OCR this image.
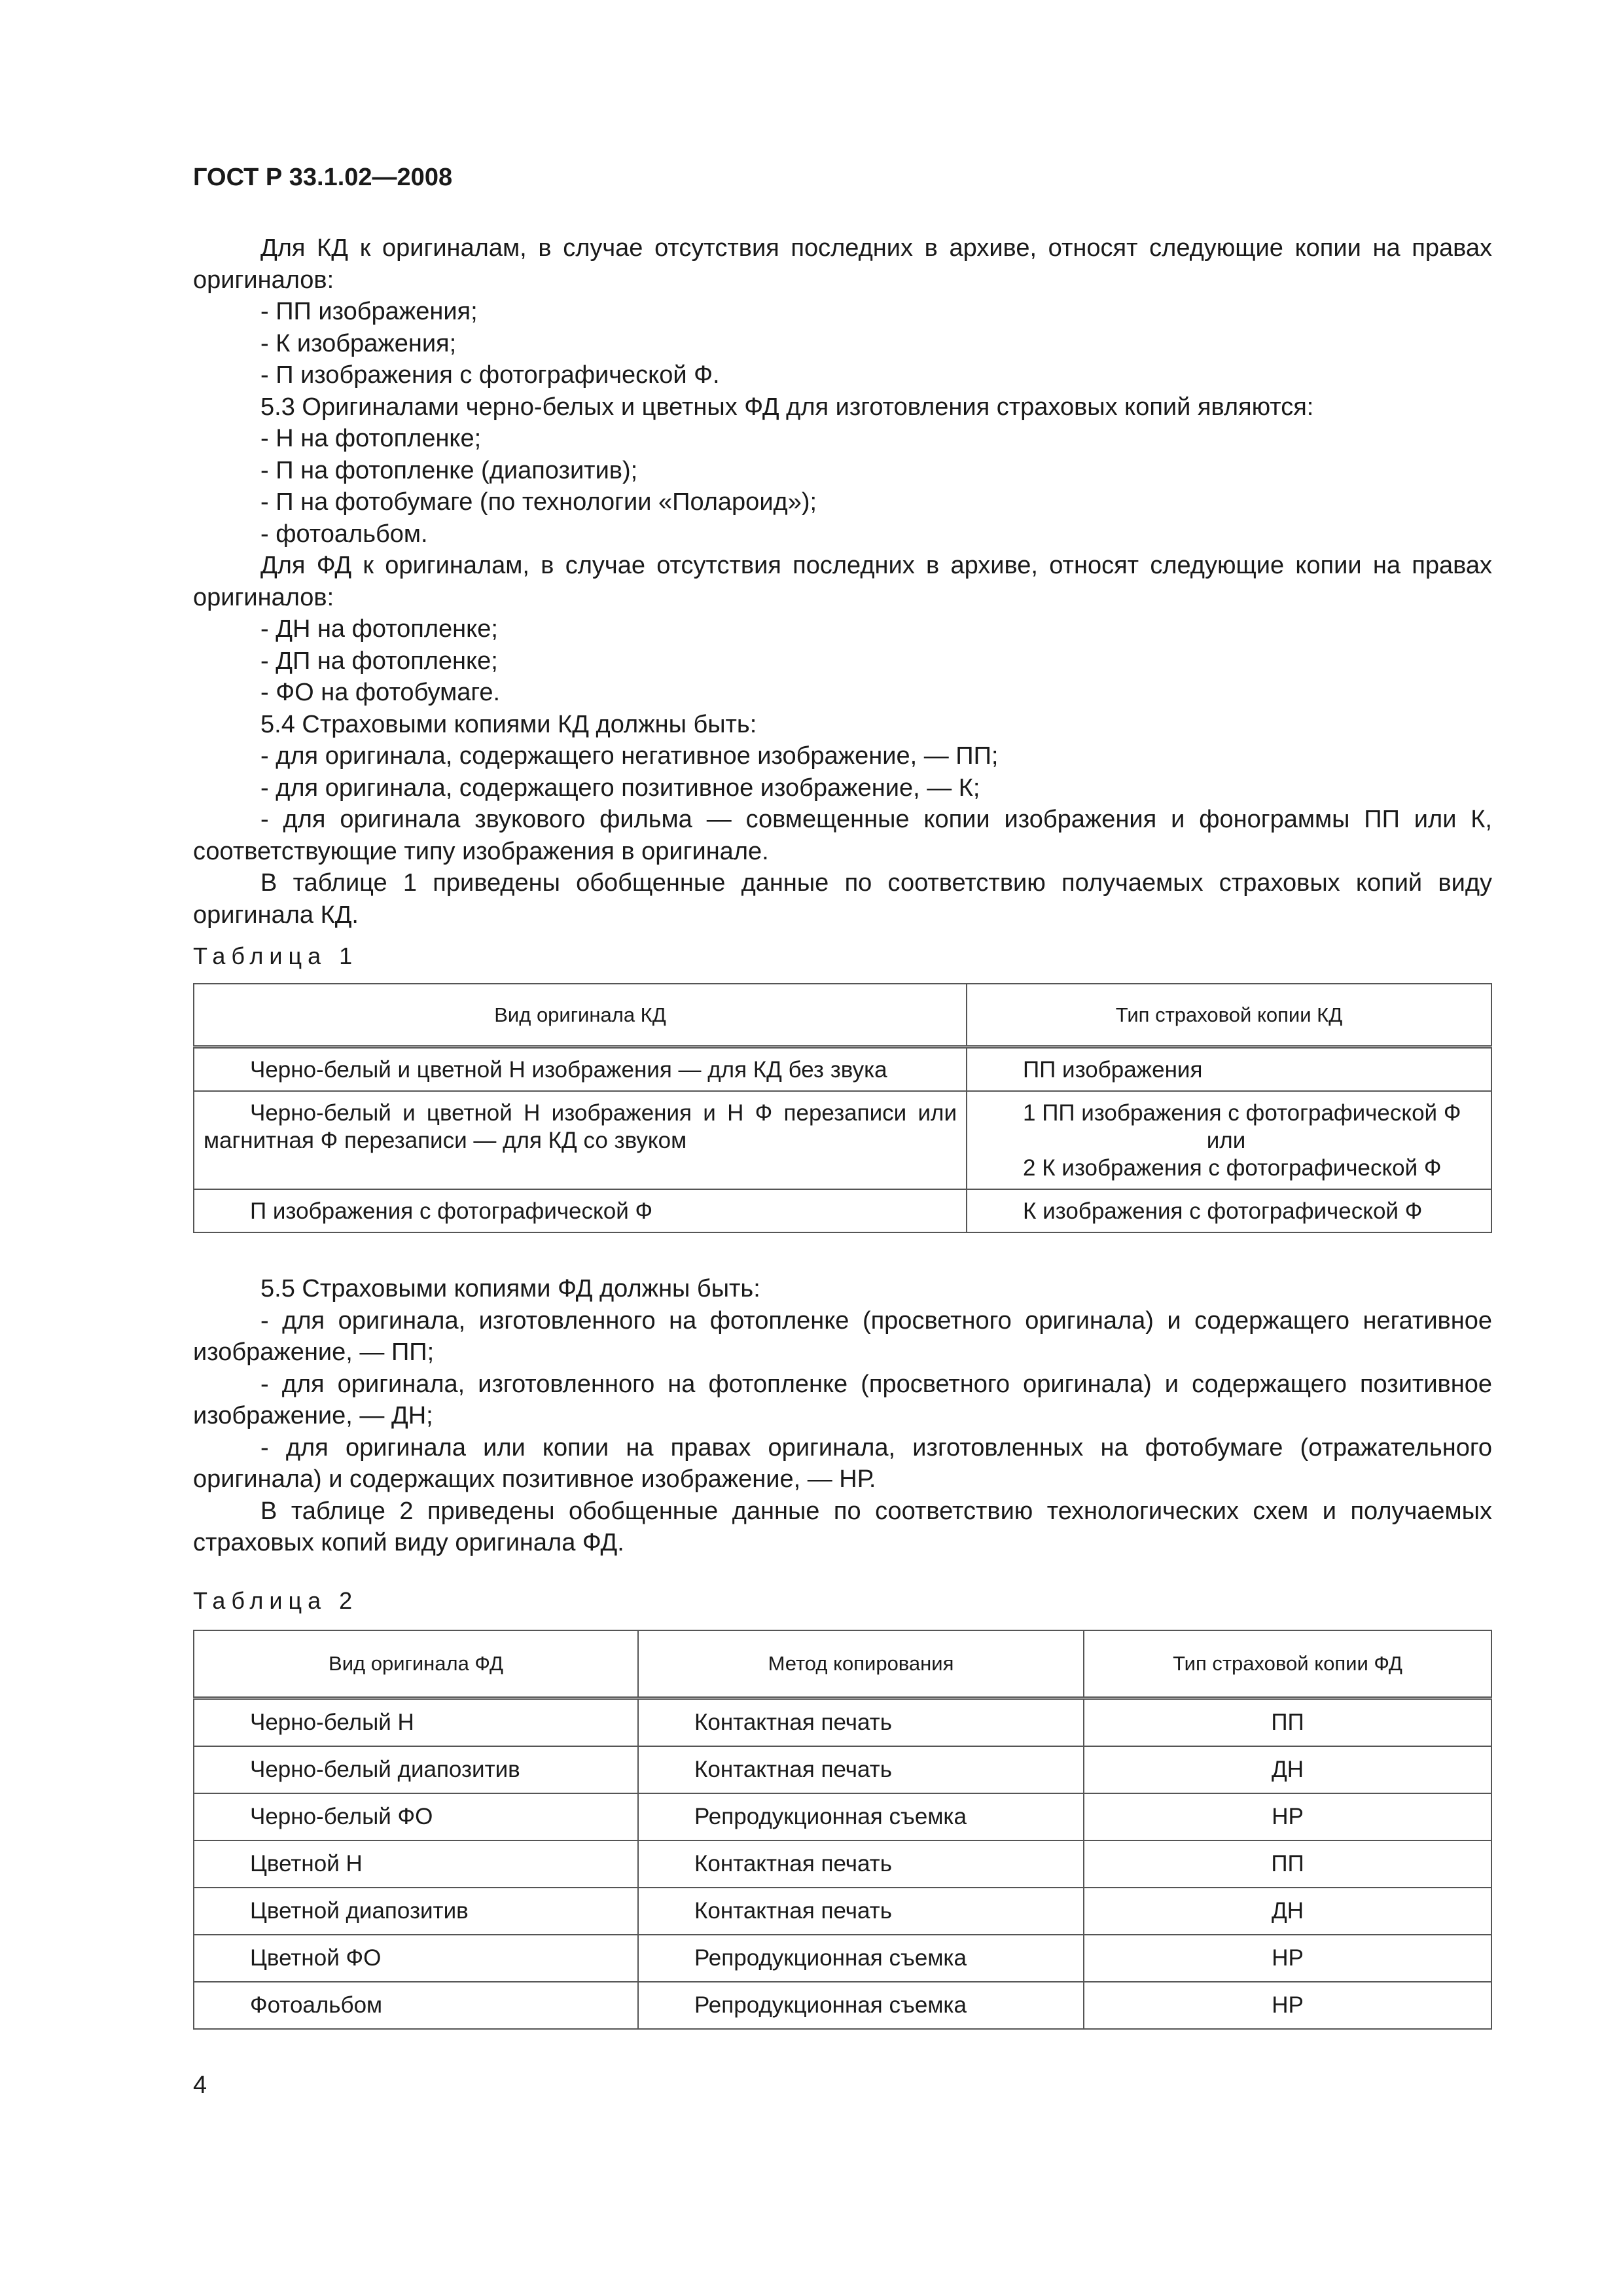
ГОСТ Р 33.1.02—2008

Для КД к оригиналам, в случае отсутствия последних в архиве, относят следующие копии на правах оригиналов:

- ПП изображения;

- К изображения;

- П изображения с фотографической Ф.

5.3 Оригиналами черно-белых и цветных ФД для изготовления страховых копий являются:

- Н на фотопленке;

- П на фотопленке (диапозитив);

- П на фотобумаге (по технологии «Полароид»);

- фотоальбом.

Для ФД к оригиналам, в случае отсутствия последних в архиве, относят следующие копии на правах оригиналов:

- ДН на фотопленке;

- ДП на фотопленке;

- ФО на фотобумаге.

5.4 Страховыми копиями КД должны быть:

- для оригинала, содержащего негативное изображение, — ПП;

- для оригинала, содержащего позитивное изображение, — К;

- для оригинала звукового фильма — совмещенные копии изображения и фонограммы ПП или К, соответствующие типу изображения в оригинале.

В таблице 1 приведены обобщенные данные по соответствию получаемых страховых копий виду оригинала КД.

Таблица 1
Вид оригинала КД	Тип страховой копии КД
Черно-белый и цветной Н изображения — для КД без звука	ПП изображения
Черно-белый и цветной Н изображения и Н Ф перезаписи или магнитная Ф перезаписи — для КД со звуком	1 ПП изображения с фотографической Ф
или
2 К изображения с фотографической Ф

П изображения с фотографической Ф	К изображения с фотографической Ф

5.5 Страховыми копиями ФД должны быть:

- для оригинала, изготовленного на фотопленке (просветного оригинала) и содержащего негативное изображение, — ПП;

- для оригинала, изготовленного на фотопленке (просветного оригинала) и содержащего позитивное изображение, — ДН;

- для оригинала или копии на правах оригинала, изготовленных на фотобумаге (отражательного оригинала) и содержащих позитивное изображение, — НР.

В таблице 2 приведены обобщенные данные по соответствию технологических схем и получаемых страховых копий виду оригинала ФД.

Таблица 2
Вид оригинала ФД	Метод копирования	Тип страховой копии ФД
Черно-белый Н	Контактная печать	ПП
Черно-белый диапозитив	Контактная печать	ДН
Черно-белый ФО	Репродукционная съемка	НР
Цветной Н	Контактная печать	ПП
Цветной диапозитив	Контактная печать	ДН
Цветной ФО	Репродукционная съемка	НР
Фотоальбом	Репродукционная съемка	НР
4
